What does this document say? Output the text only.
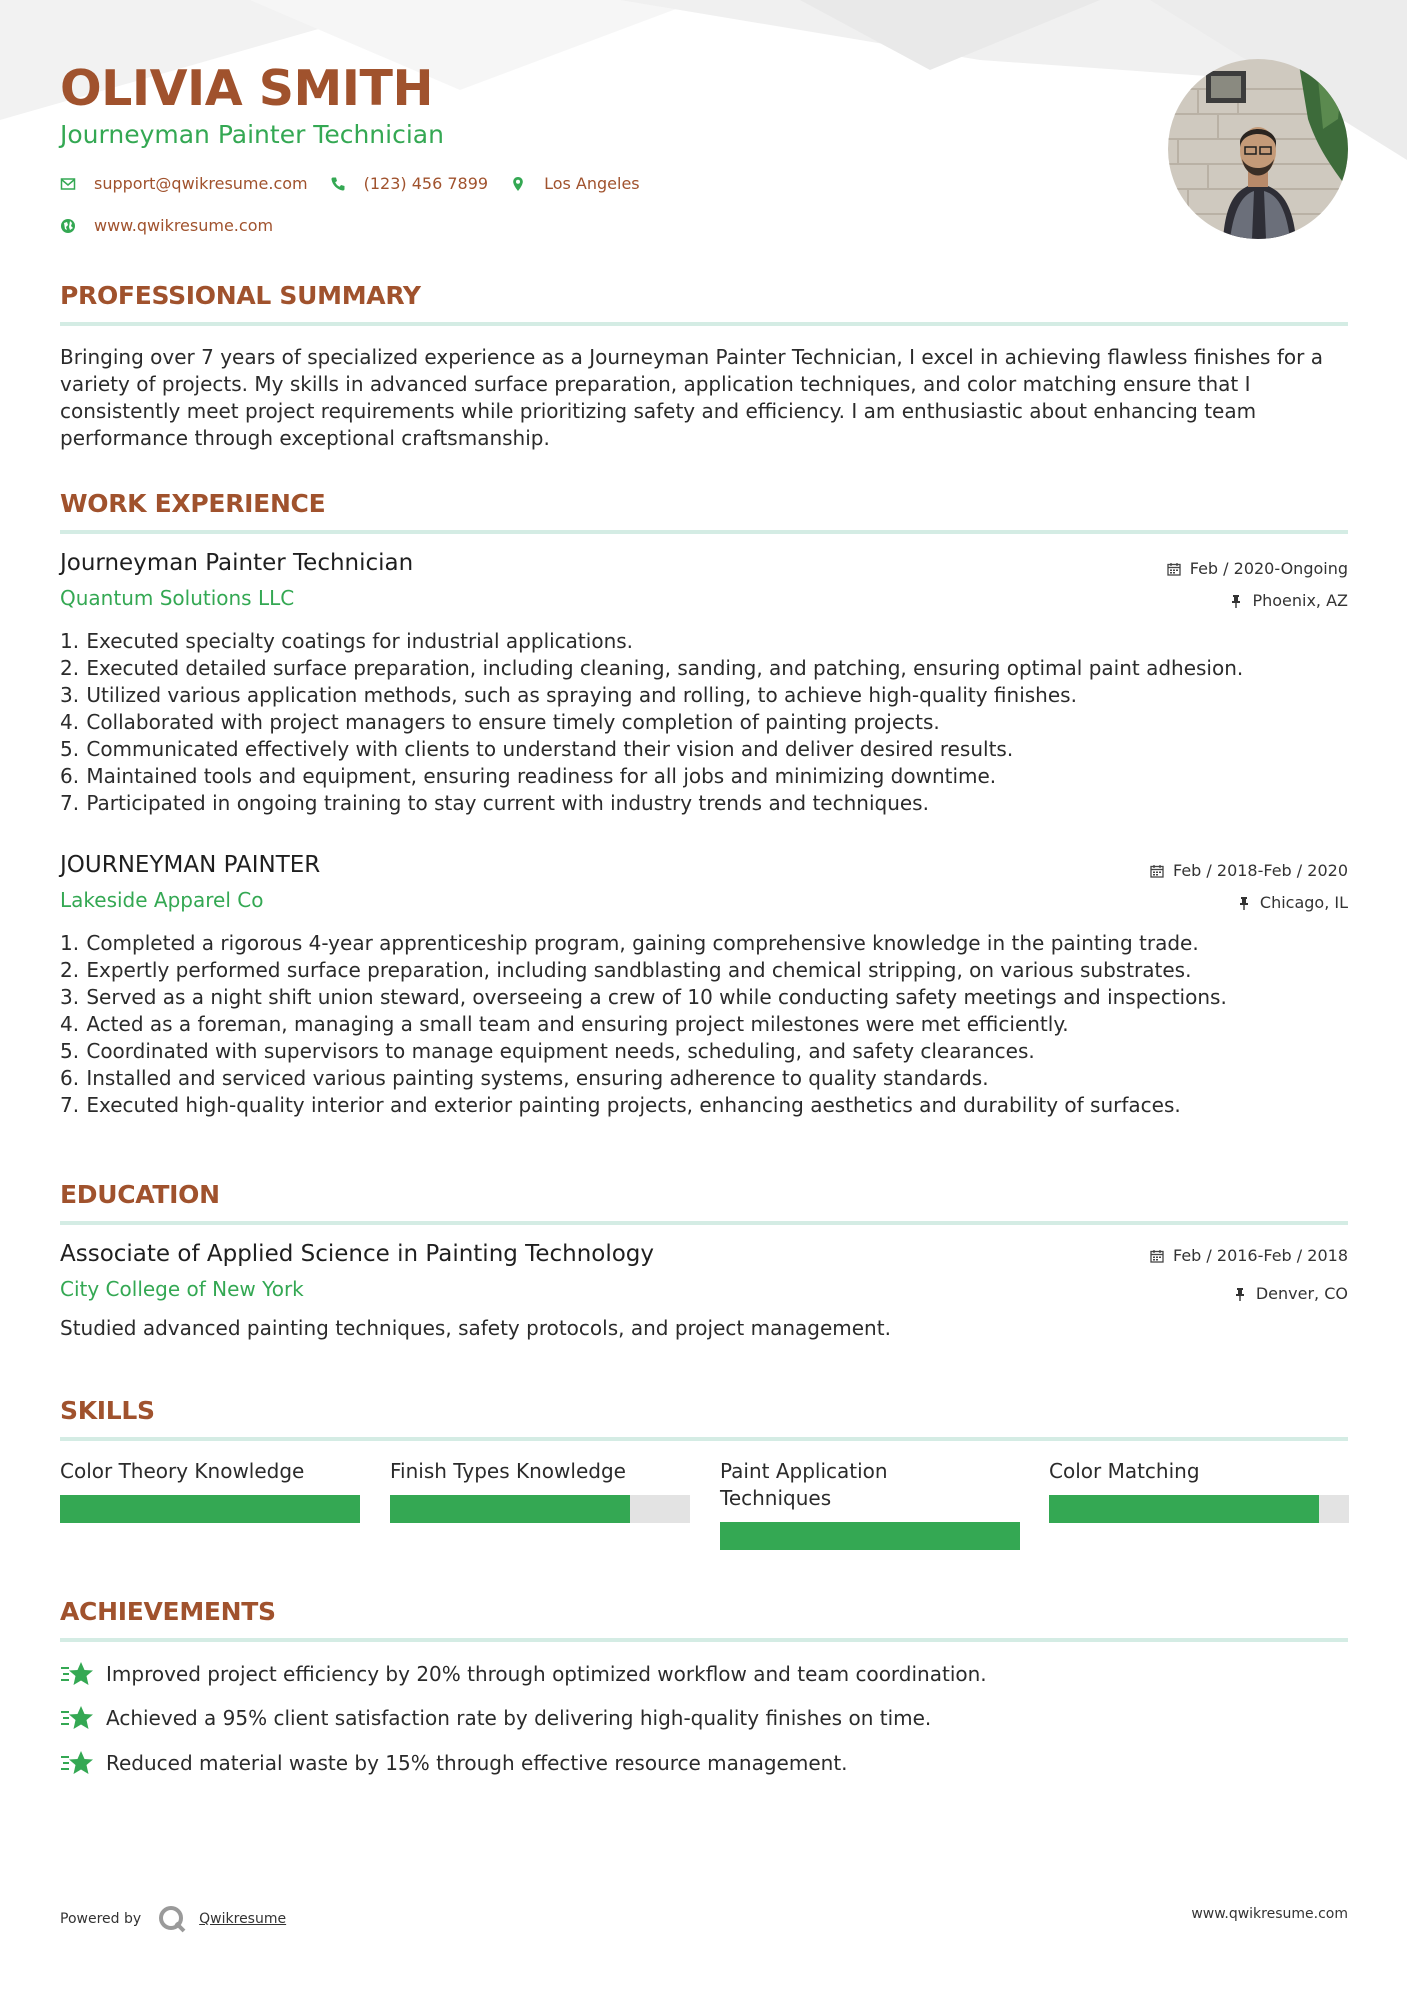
OLIVIA SMITH
Journeyman Painter Technician
support@qwikresume.com	(123) 456 7899	Los Angeles
www.qwikresume.com
PROFESSIONAL SUMMARY
Bringing over 7 years of specialized experience as a Journeyman Painter Technician, I excel in achieving flawless finishes for a variety of projects. My skills in advanced surface preparation, application techniques, and color matching ensure that I consistently meet project requirements while prioritizing safety and efficiency. I am enthusiastic about enhancing team performance through exceptional craftsmanship.
WORK EXPERIENCE
Journeyman Painter Technician
Quantum Solutions LLC
Feb / 2020-Ongoing
Phoenix, AZ
1. Executed specialty coatings for industrial applications.
2. Executed detailed surface preparation, including cleaning, sanding, and patching, ensuring optimal paint adhesion.
3. Utilized various application methods, such as spraying and rolling, to achieve high-quality finishes.
4. Collaborated with project managers to ensure timely completion of painting projects.
5. Communicated effectively with clients to understand their vision and deliver desired results.
6. Maintained tools and equipment, ensuring readiness for all jobs and minimizing downtime.
7. Participated in ongoing training to stay current with industry trends and techniques.
JOURNEYMAN PAINTER
Lakeside Apparel Co
Feb / 2018-Feb / 2020
Chicago, IL
1. Completed a rigorous 4-year apprenticeship program, gaining comprehensive knowledge in the painting trade.
2. Expertly performed surface preparation, including sandblasting and chemical stripping, on various substrates.
3. Served as a night shift union steward, overseeing a crew of 10 while conducting safety meetings and inspections.
4. Acted as a foreman, managing a small team and ensuring project milestones were met efficiently.
5. Coordinated with supervisors to manage equipment needs, scheduling, and safety clearances.
6. Installed and serviced various painting systems, ensuring adherence to quality standards.
7. Executed high-quality interior and exterior painting projects, enhancing aesthetics and durability of surfaces.
EDUCATION
Associate of Applied Science in Painting Technology
City College of New York
Feb / 2016-Feb / 2018
Denver, CO
Studied advanced painting techniques, safety protocols, and project management.
SKILLS
Color Theory Knowledge	Finish Types Knowledge	Paint Application Techniques
Color Matching
ACHIEVEMENTS
Improved project efficiency by 20% through optimized workflow and team coordination.
Achieved a 95% client satisfaction rate by delivering high-quality finishes on time.
Reduced material waste by 15% through effective resource management.
Powered by	Qwikresume	www.qwikresume.com
